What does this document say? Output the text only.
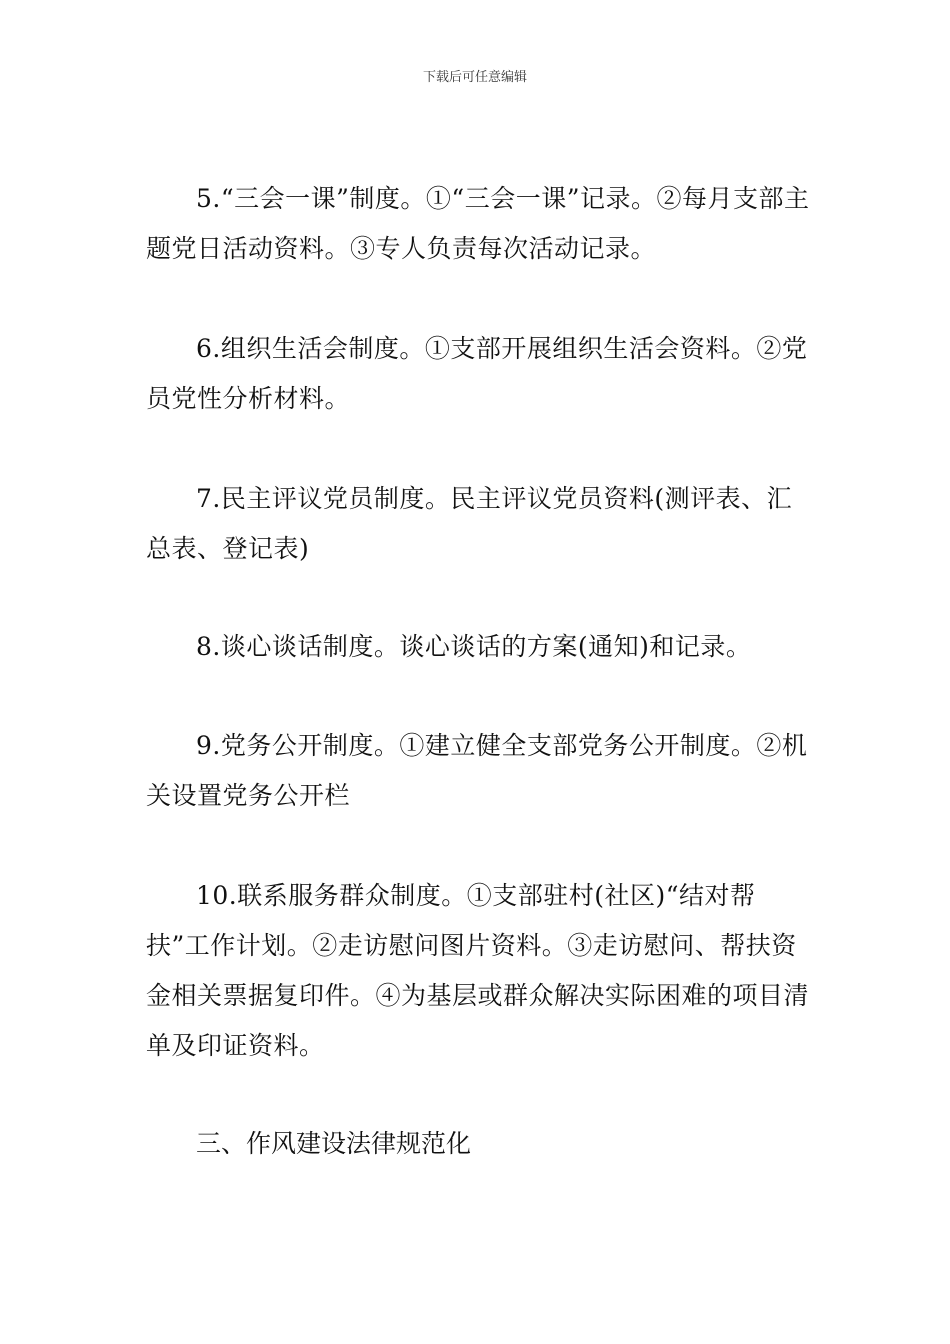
下载后可任意编辑

5.“三会一课”制度。①“三会一课”记录。②每月支部主题党日活动资料。③专人负责每次活动记录。

6.组织生活会制度。①支部开展组织生活会资料。②党员党性分析材料。

7.民主评议党员制度。民主评议党员资料(测评表、汇总表、登记表)

8.谈心谈话制度。谈心谈话的方案(通知)和记录。

9.党务公开制度。①建立健全支部党务公开制度。②机关设置党务公开栏

10.联系服务群众制度。①支部驻村(社区)“结对帮扶”工作计划。②走访慰问图片资料。③走访慰问、帮扶资金相关票据复印件。④为基层或群众解决实际困难的项目清单及印证资料。

三、作风建设法律规范化
